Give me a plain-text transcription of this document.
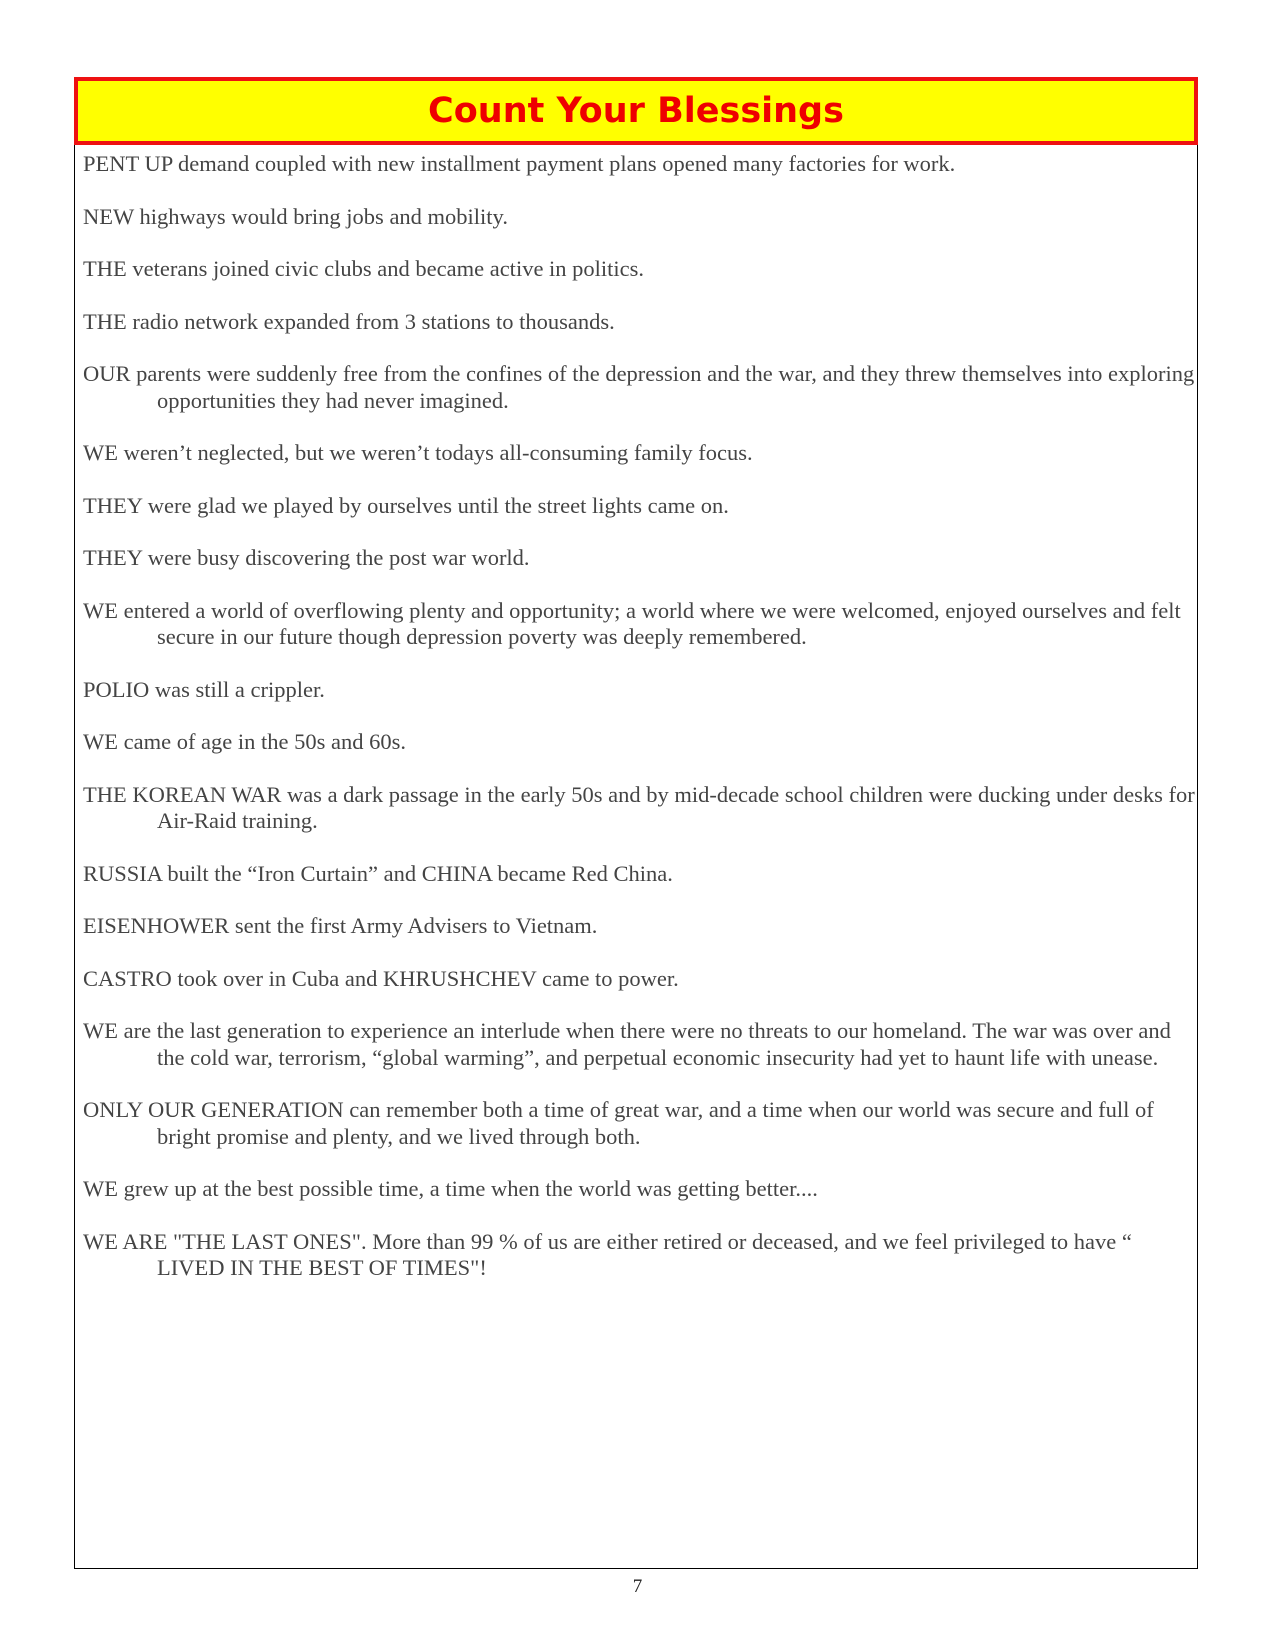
Count Your Blessings

PENT UP demand coupled with new installment payment plans opened many factories for work.

NEW highways would bring jobs and mobility.

THE veterans joined civic clubs and became active in politics.

THE radio network expanded from 3 stations to thousands.

OUR parents were suddenly free from the confines of the depression and the war, and they threw themselves into exploring opportunities they had never imagined.

WE weren’t neglected, but we weren’t todays all-consuming family focus.

THEY were glad we played by ourselves until the street lights came on.

THEY were busy discovering the post war world.

WE entered a world of overflowing plenty and opportunity; a world where we were welcomed, enjoyed ourselves and felt secure in our future though depression poverty was deeply remembered.

POLIO was still a crippler.

WE came of age in the 50s and 60s.

THE KOREAN WAR was a dark passage in the early 50s and by mid-decade school children were ducking under desks for Air-Raid training.

RUSSIA built the “Iron Curtain” and CHINA became Red China.

EISENHOWER sent the first Army Advisers to Vietnam.

CASTRO took over in Cuba and KHRUSHCHEV came to power.

WE are the last generation to experience an interlude when there were no threats to our homeland. The war was over and the cold war, terrorism, “global warming”, and perpetual economic insecurity had yet to haunt life with unease.

ONLY OUR GENERATION can remember both a time of great war, and a time when our world was secure and full of bright promise and plenty, and we lived through both.

WE grew up at the best possible time, a time when the world was getting better....

WE ARE "THE LAST ONES". More than 99 % of us are either retired or deceased, and we feel privileged to have “ LIVED IN THE BEST OF TIMES"!

7
